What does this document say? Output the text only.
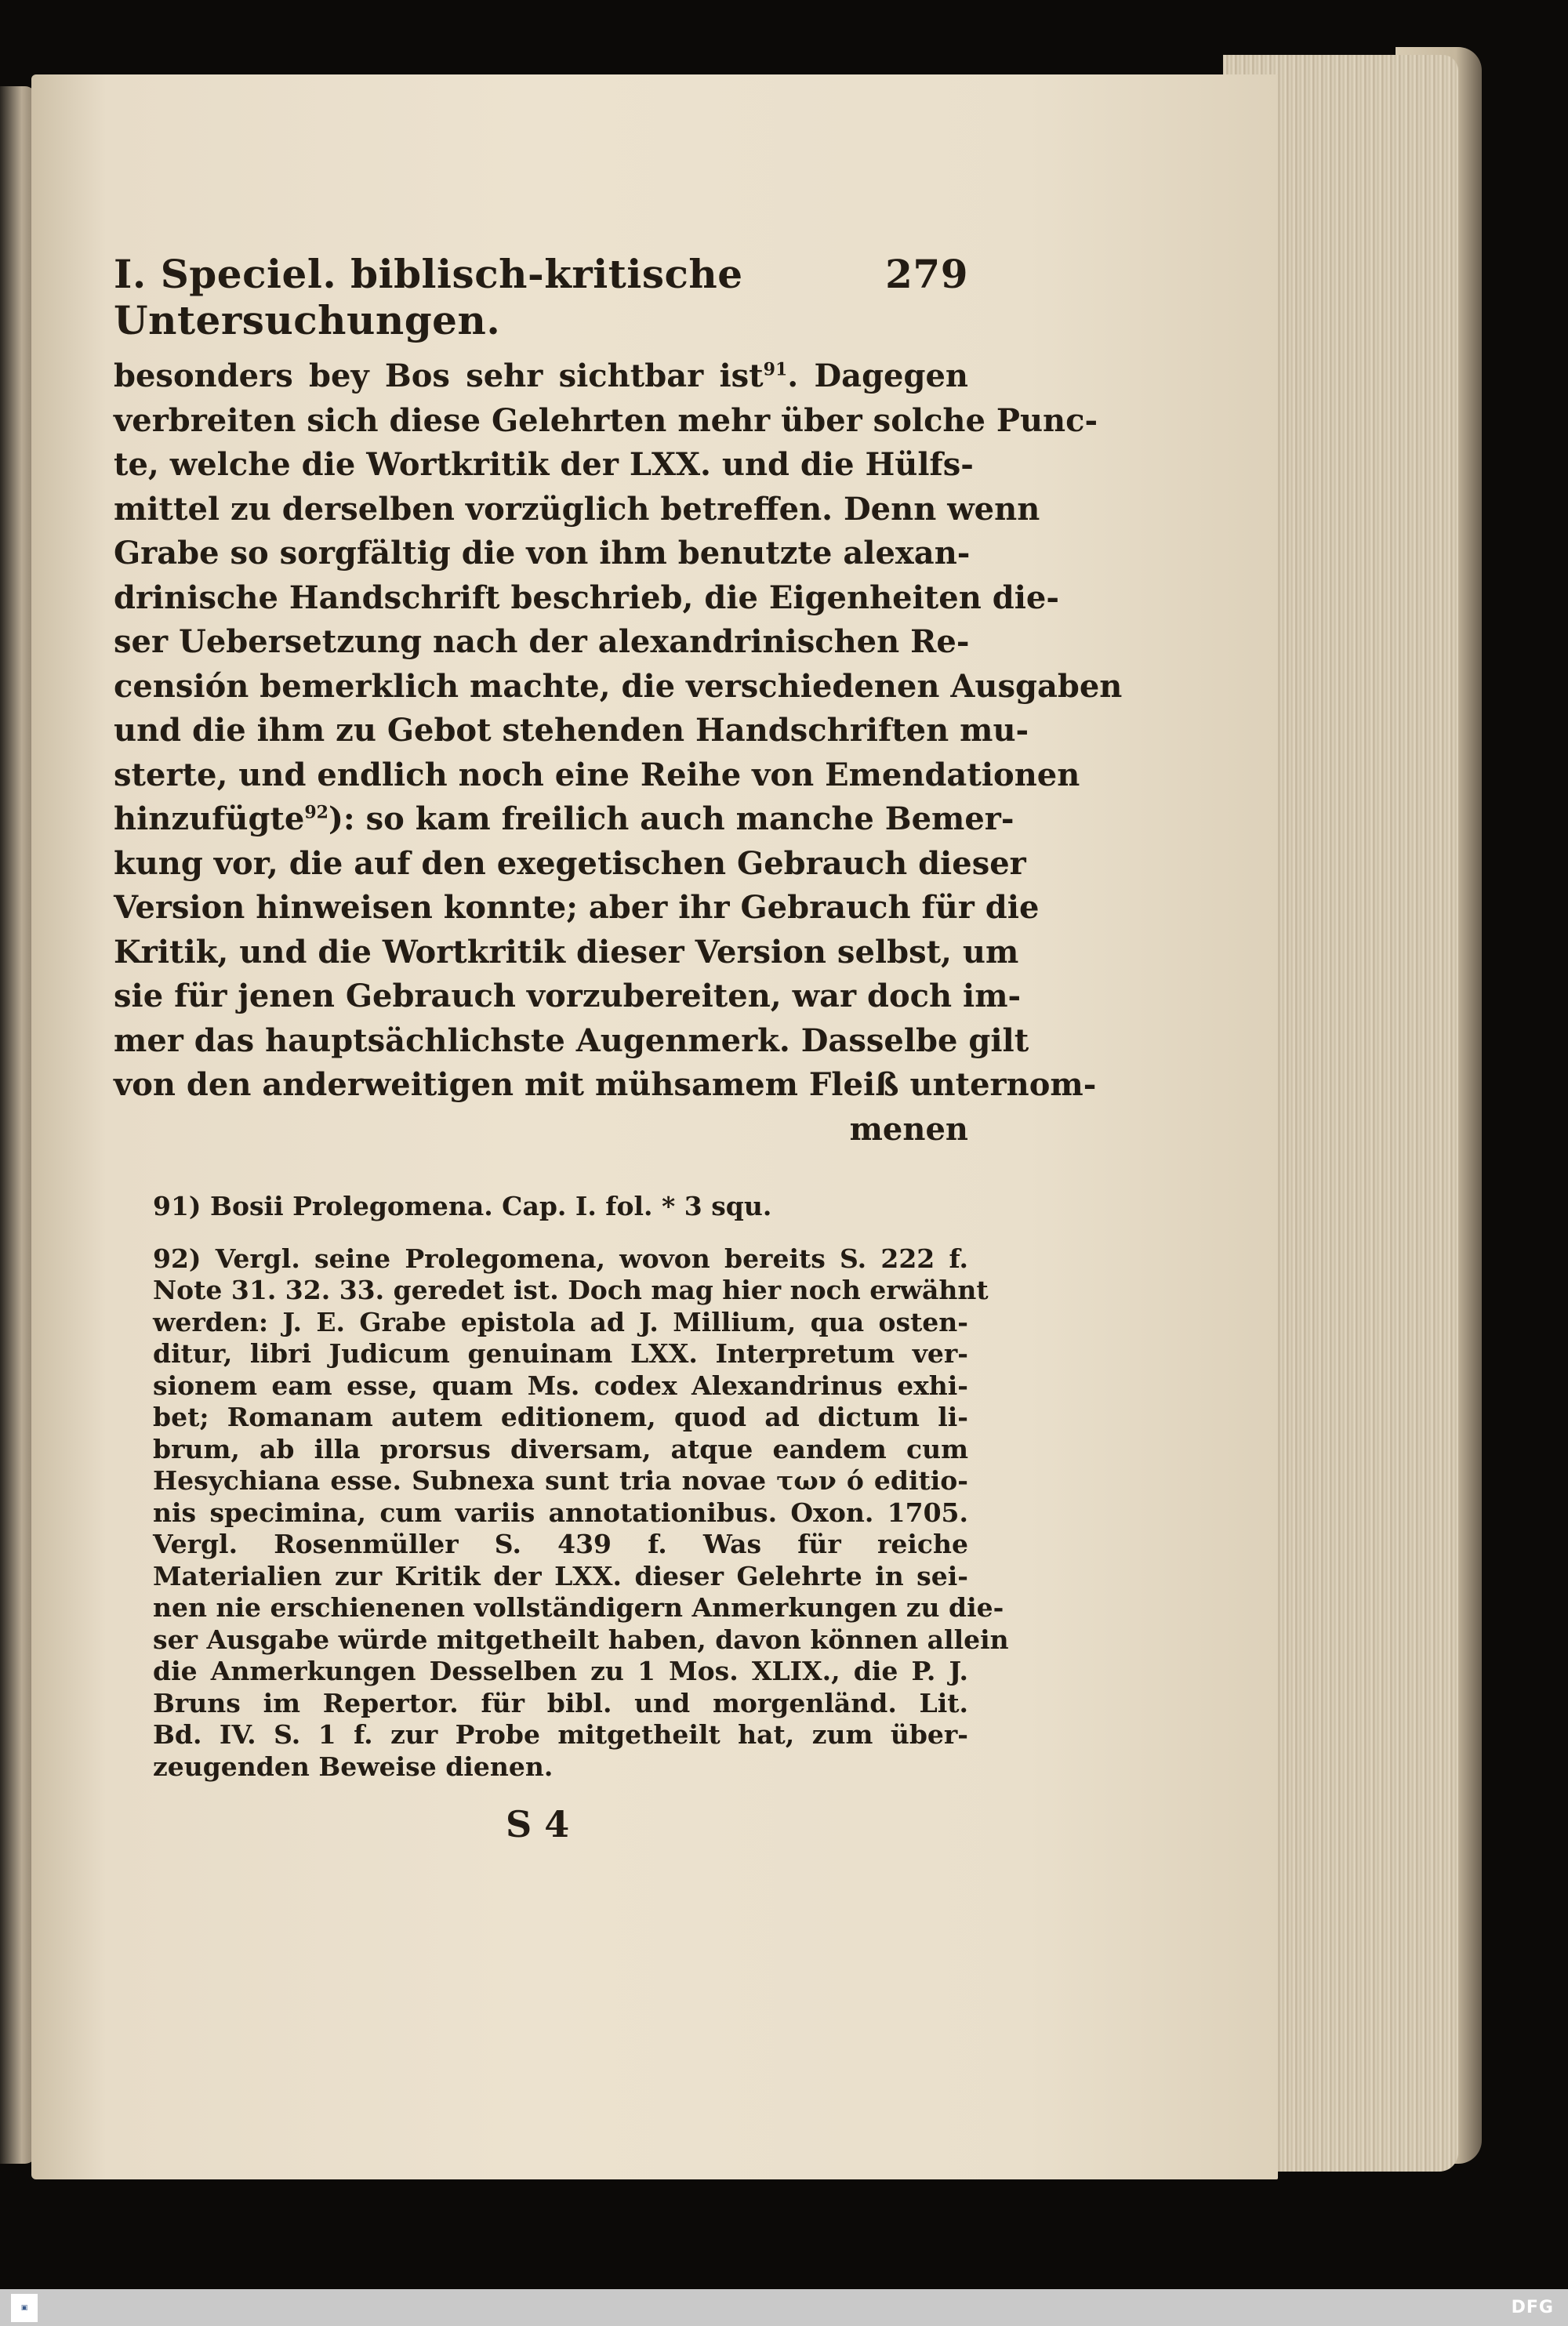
I. Speciel. biblisch-kritische Untersuchungen.
279
besonders bey Bos sehr sichtbar ist$^{91}$. Dagegen
verbreiten sich diese Gelehrten mehr über solche Punc-
te, welche die Wortkritik der LXX. und die Hülfs-
mittel zu derselben vorzüglich betreffen. Denn wenn
Grabe so sorgfältig die von ihm benutzte alexan-
drinische Handschrift beschrieb, die Eigenheiten die-
ser Uebersetzung nach der alexandrinischen Re-
censión bemerklich machte, die verschiedenen Ausgaben
und die ihm zu Gebot stehenden Handschriften mu-
sterte, und endlich noch eine Reihe von Emendationen
hinzufügte$^{92}$): so kam freilich auch manche Bemer-
kung vor, die auf den exegetischen Gebrauch dieser
Version hinweisen konnte; aber ihr Gebrauch für die
Kritik, und die Wortkritik dieser Version selbst, um
sie für jenen Gebrauch vorzubereiten, war doch im-
mer das hauptsächlichste Augenmerk. Dasselbe gilt
von den anderweitigen mit mühsamem Fleiß unternom-
menen
91) Bosii Prolegomena. Cap. I. fol. * 3 squ.
92) Vergl. seine Prolegomena, wovon bereits S. 222 f.
Note 31. 32. 33. geredet ist. Doch mag hier noch erwähnt
werden: J. E. Grabe epistola ad J. Millium, qua osten-
ditur, libri Judicum genuinam LXX. Interpretum ver-
sionem eam esse, quam Ms. codex Alexandrinus exhi-
bet; Romanam autem editionem, quod ad dictum li-
brum, ab illa prorsus diversam, atque eandem cum
Hesychiana esse. Subnexa sunt tria novae των ό editio-
nis specimina, cum variis annotationibus. Oxon. 1705.
Vergl. Rosenmüller S. 439 f. Was für reiche
Materialien zur Kritik der LXX. dieser Gelehrte in sei-
nen nie erschienenen vollständigern Anmerkungen zu die-
ser Ausgabe würde mitgetheilt haben, davon können allein
die Anmerkungen Desselben zu 1 Mos. XLIX., die P. J.
Bruns im Repertor. für bibl. und morgenländ. Lit.
Bd. IV. S. 1 f. zur Probe mitgetheilt hat, zum über-
zeugenden Beweise dienen.
S 4
▣	DFG
